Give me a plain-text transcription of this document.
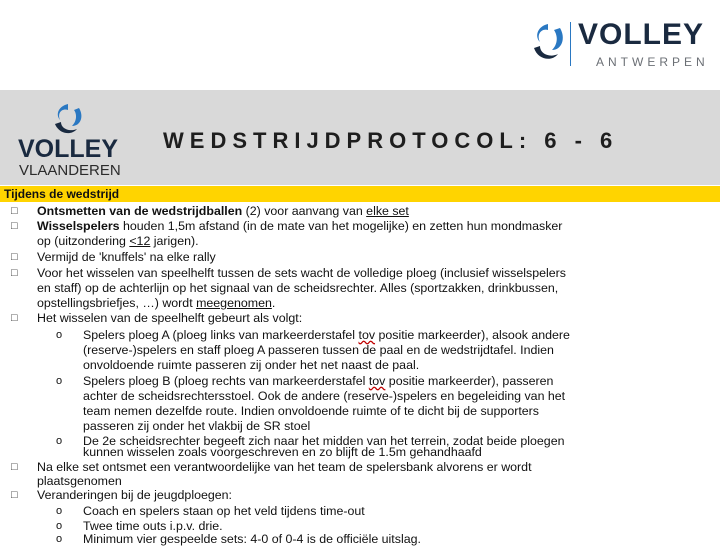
VOLLEY
ANTWERPEN
VOLLEY
VLAANDEREN
WEDSTRIJDPROTOCOL: 6 - 6
Tijdens de wedstrijd
□ Ontsmetten van de wedstrijdballen (2) voor aanvang van elke set
□ Wisselspelers houden 1,5m afstand (in de mate van het mogelijke) en zetten hun mondmasker
op (uitzondering <12 jarigen).
□ Vermijd de 'knuffels' na elke rally
□ Voor het wisselen van speelhelft tussen de sets wacht de volledige ploeg (inclusief wisselspelers
en staff) op de achterlijn op het signaal van de scheidsrechter. Alles (sportzakken, drinkbussen,
opstellingsbriefjes, …) wordt meegenomen.
□ Het wisselen van de speelhelft gebeurt als volgt:
o Spelers ploeg A (ploeg links van markeerderstafel tov positie markeerder), alsook andere
(reserve-)spelers en staff ploeg A passeren tussen de paal en de wedstrijdtafel. Indien
onvoldoende ruimte passeren zij onder het net naast de paal.
o Spelers ploeg B (ploeg rechts van markeerderstafel tov positie markeerder), passeren
achter de scheidsrechtersstoel. Ook de andere (reserve-)spelers en begeleiding van het
team nemen dezelfde route. Indien onvoldoende ruimte of te dicht bij de supporters
passeren zij onder het vlakbij de SR stoel
o De 2e scheidsrechter begeeft zich naar het midden van het terrein, zodat beide ploegen
kunnen wisselen zoals voorgeschreven en zo blijft de 1.5m gehandhaafd
□ Na elke set ontsmet een verantwoordelijke van het team de spelersbank alvorens er wordt
plaatsgenomen
□ Veranderingen bij de jeugdploegen:
o Coach en spelers staan op het veld tijdens time-out
o Twee time outs i.p.v. drie.
o Minimum vier gespeelde sets: 4-0 of 0-4 is de officiële uitslag.
